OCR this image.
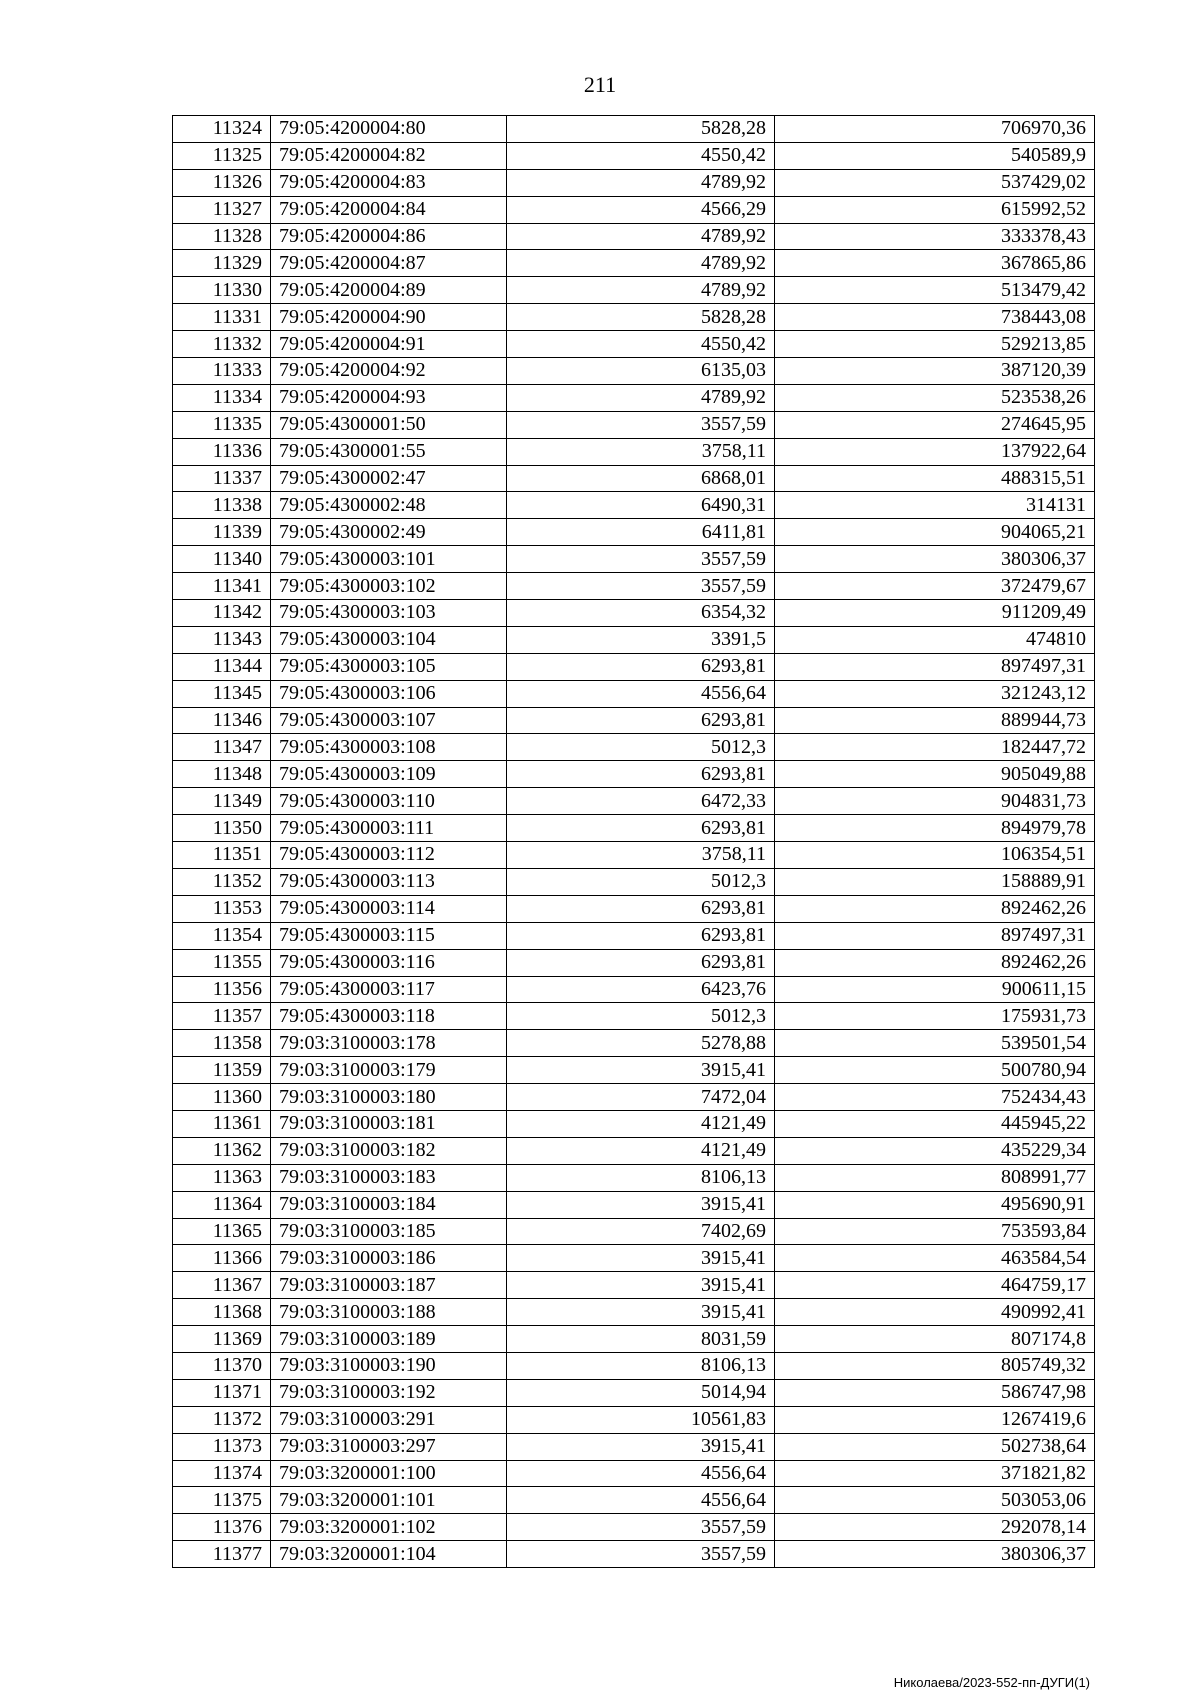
211
11324	79:05:4200004:80	5828,28	706970,36
11325	79:05:4200004:82	4550,42	540589,9
11326	79:05:4200004:83	4789,92	537429,02
11327	79:05:4200004:84	4566,29	615992,52
11328	79:05:4200004:86	4789,92	333378,43
11329	79:05:4200004:87	4789,92	367865,86
11330	79:05:4200004:89	4789,92	513479,42
11331	79:05:4200004:90	5828,28	738443,08
11332	79:05:4200004:91	4550,42	529213,85
11333	79:05:4200004:92	6135,03	387120,39
11334	79:05:4200004:93	4789,92	523538,26
11335	79:05:4300001:50	3557,59	274645,95
11336	79:05:4300001:55	3758,11	137922,64
11337	79:05:4300002:47	6868,01	488315,51
11338	79:05:4300002:48	6490,31	314131
11339	79:05:4300002:49	6411,81	904065,21
11340	79:05:4300003:101	3557,59	380306,37
11341	79:05:4300003:102	3557,59	372479,67
11342	79:05:4300003:103	6354,32	911209,49
11343	79:05:4300003:104	3391,5	474810
11344	79:05:4300003:105	6293,81	897497,31
11345	79:05:4300003:106	4556,64	321243,12
11346	79:05:4300003:107	6293,81	889944,73
11347	79:05:4300003:108	5012,3	182447,72
11348	79:05:4300003:109	6293,81	905049,88
11349	79:05:4300003:110	6472,33	904831,73
11350	79:05:4300003:111	6293,81	894979,78
11351	79:05:4300003:112	3758,11	106354,51
11352	79:05:4300003:113	5012,3	158889,91
11353	79:05:4300003:114	6293,81	892462,26
11354	79:05:4300003:115	6293,81	897497,31
11355	79:05:4300003:116	6293,81	892462,26
11356	79:05:4300003:117	6423,76	900611,15
11357	79:05:4300003:118	5012,3	175931,73
11358	79:03:3100003:178	5278,88	539501,54
11359	79:03:3100003:179	3915,41	500780,94
11360	79:03:3100003:180	7472,04	752434,43
11361	79:03:3100003:181	4121,49	445945,22
11362	79:03:3100003:182	4121,49	435229,34
11363	79:03:3100003:183	8106,13	808991,77
11364	79:03:3100003:184	3915,41	495690,91
11365	79:03:3100003:185	7402,69	753593,84
11366	79:03:3100003:186	3915,41	463584,54
11367	79:03:3100003:187	3915,41	464759,17
11368	79:03:3100003:188	3915,41	490992,41
11369	79:03:3100003:189	8031,59	807174,8
11370	79:03:3100003:190	8106,13	805749,32
11371	79:03:3100003:192	5014,94	586747,98
11372	79:03:3100003:291	10561,83	1267419,6
11373	79:03:3100003:297	3915,41	502738,64
11374	79:03:3200001:100	4556,64	371821,82
11375	79:03:3200001:101	4556,64	503053,06
11376	79:03:3200001:102	3557,59	292078,14
11377	79:03:3200001:104	3557,59	380306,37
Николаева/2023-552-пп-ДУГИ(1)
